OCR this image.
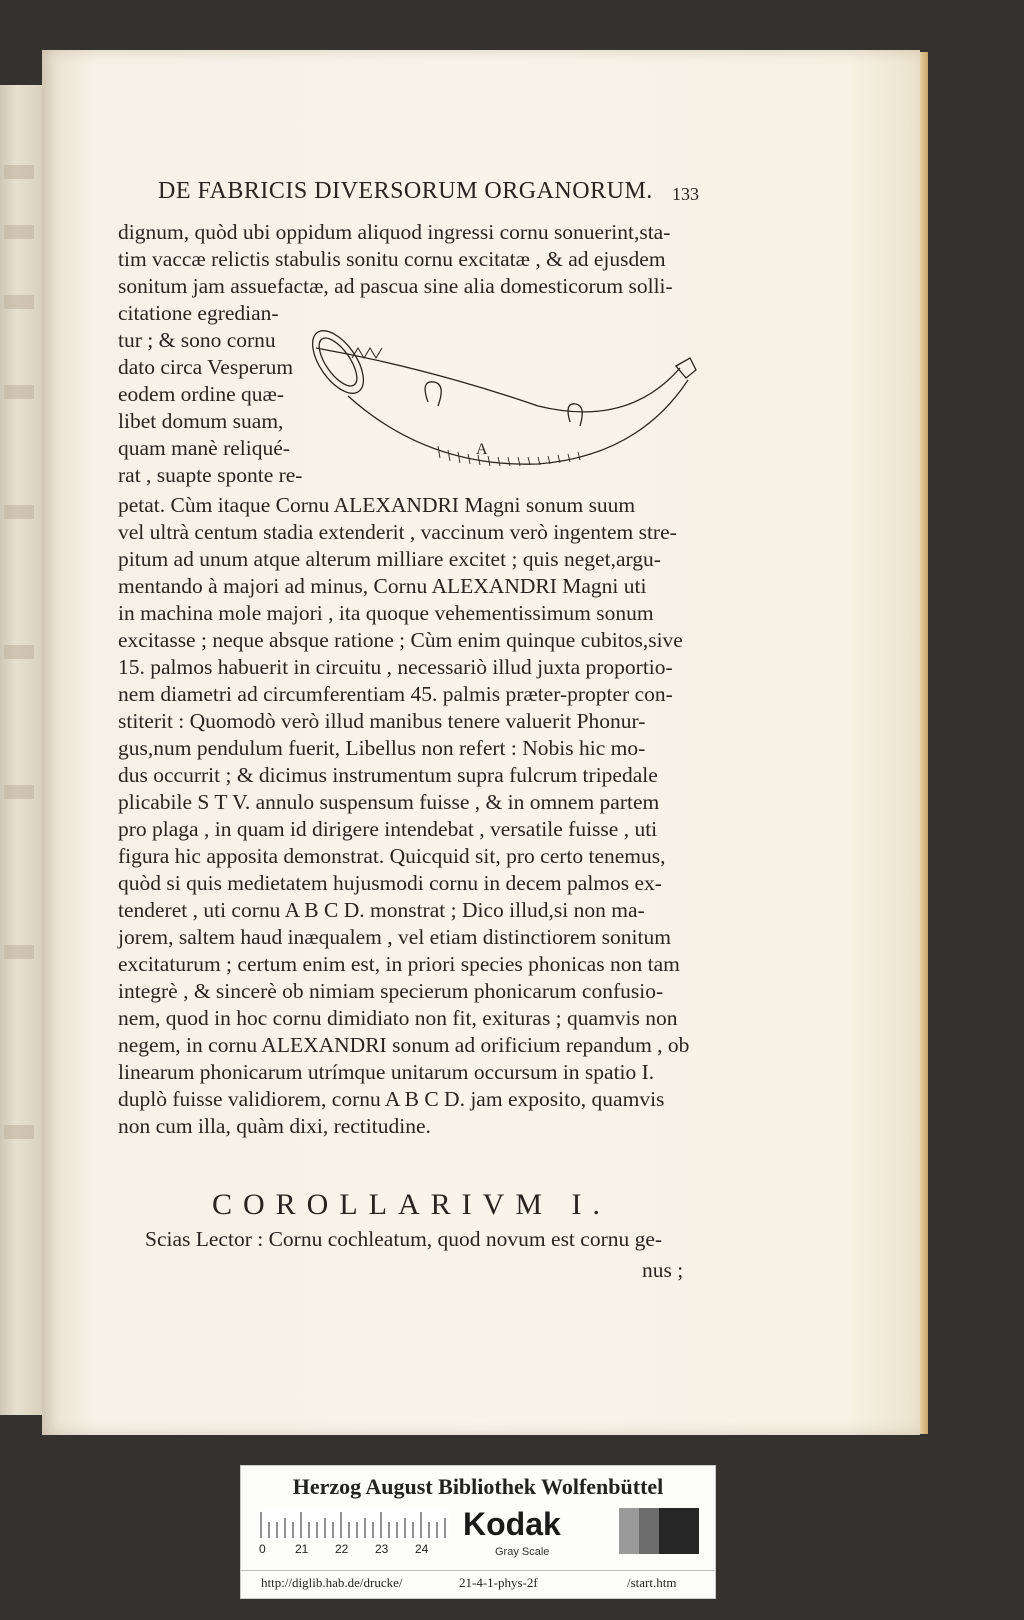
DE FABRICIS DIVERSORUM ORGANORUM.	133
dignum, quòd ubi oppidum aliquod ingressi cornu sonuerint,sta-
tim vaccæ relictis stabulis sonitu cornu excitatæ , & ad ejusdem
sonitum jam assuefactæ, ad pascua sine alia domesticorum solli-
citatione egredian-
tur ; & sono cornu
dato circa Vesperum
eodem ordine quæ-
libet domum suam,
quam manè reliqué-
rat , suapte sponte re-
A
petat. Cùm itaque Cornu ALEXANDRI Magni sonum suum
vel ultrà centum stadia extenderit , vaccinum verò ingentem stre-
pitum ad unum atque alterum milliare excitet ; quis neget,argu-
mentando à majori ad minus, Cornu ALEXANDRI Magni uti
in machina mole majori , ita quoque vehementissimum sonum
excitasse ; neque absque ratione ; Cùm enim quinque cubitos,sive
15. palmos habuerit in circuitu , necessariò illud juxta proportio-
nem diametri ad circumferentiam 45. palmis præter-propter con-
stiterit : Quomodò verò illud manibus tenere valuerit Phonur-
gus,num pendulum fuerit, Libellus non refert : Nobis hic mo-
dus occurrit ; & dicimus instrumentum supra fulcrum tripedale
plicabile S T V. annulo suspensum fuisse , & in omnem partem
pro plaga , in quam id dirigere intendebat , versatile fuisse , uti
figura hic apposita demonstrat. Quicquid sit, pro certo tenemus,
quòd si quis medietatem hujusmodi cornu in decem palmos ex-
tenderet , uti cornu A B C D. monstrat ; Dico illud,si non ma-
jorem, saltem haud inæqualem , vel etiam distinctiorem sonitum
excitaturum ; certum enim est, in priori species phonicas non tam
integrè , & sincerè ob nimiam specierum phonicarum confusio-
nem, quod in hoc cornu dimidiato non fit, exituras ; quamvis non
negem, in cornu ALEXANDRI sonum ad orificium repandum , ob
linearum phonicarum utrímque unitarum occursum in spatio I.
duplò fuisse validiorem, cornu A B C D. jam exposito, quamvis
non cum illa, quàm dixi, rectitudine.
COROLLARIVM I.
Scias Lector : Cornu cochleatum, quod novum est cornu ge-
nus ;
Herzog August Bibliothek Wolfenbüttel
0 21 22 23 24
Kodak
Gray Scale
http://diglib.hab.de/drucke/	21-4-1-phys-2f	/start.htm
